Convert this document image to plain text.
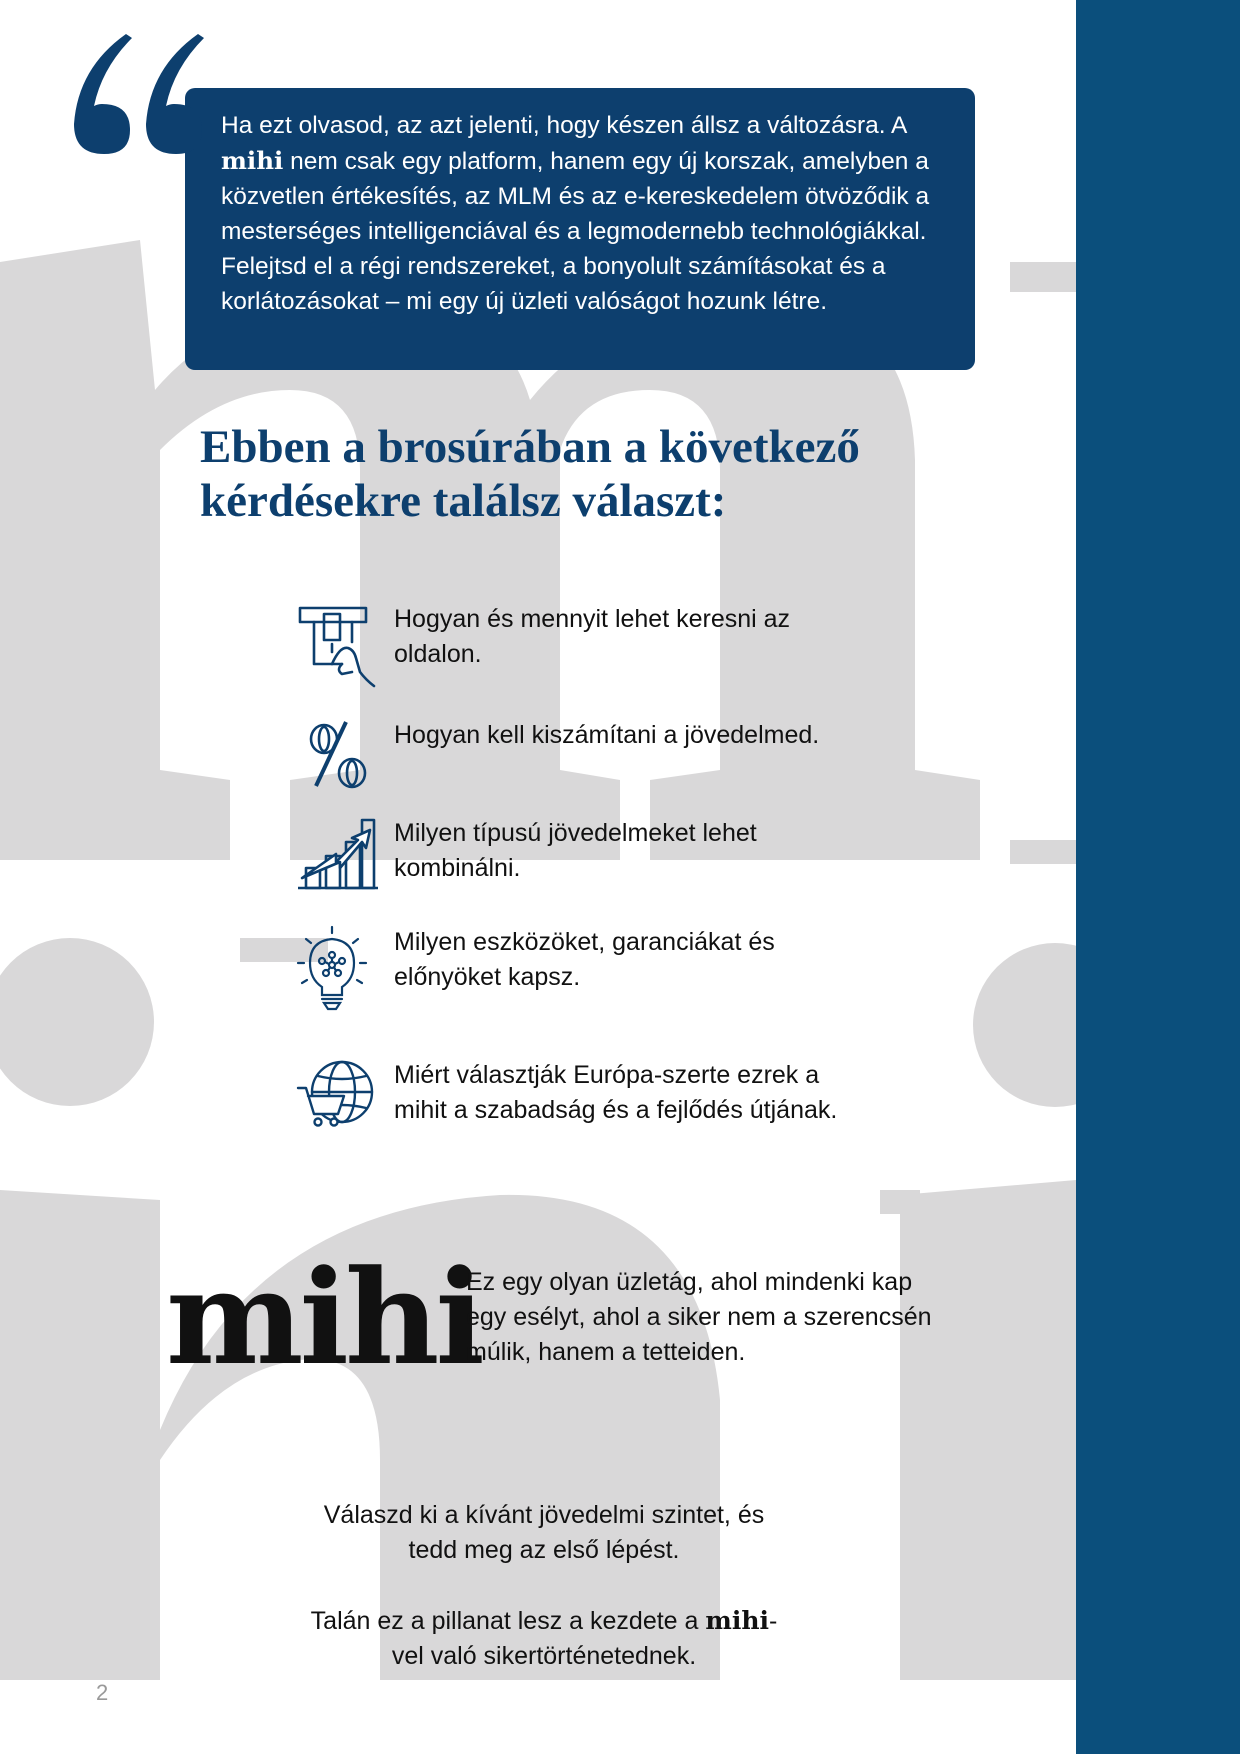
Ha ezt olvasod, az azt jelenti, hogy készen állsz a változásra. A mihi nem csak egy platform, hanem egy új korszak, amelyben a közvetlen értékesítés, az MLM és az e-kereskedelem ötvöződik a mesterséges intelligenciával és a legmodernebb technológiákkal. Felejtsd el a régi rendszereket, a bonyolult számításokat és a korlátozásokat – mi egy új üzleti valóságot hozunk létre.

Ebben a brosúrában a következő
kérdésekre találsz választ:
Hogyan és mennyit lehet keresni az oldalon.
Hogyan kell kiszámítani a jövedelmed.
Milyen típusú jövedelmeket lehet kombinálni.
Milyen eszközöket, garanciákat és előnyöket kapsz.
Miért választják Európa-szerte ezrek a mihit a szabadság és a fejlődés útjának.
mihi
Ez egy olyan üzletág, ahol mindenki kap egy esélyt, ahol a siker nem a szerencsén múlik, hanem a tetteiden.

Válaszd ki a kívánt jövedelmi szintet, és tedd meg az első lépést.

Talán ez a pillanat lesz a kezdete a mihi-vel való sikertörténetednek.

2
